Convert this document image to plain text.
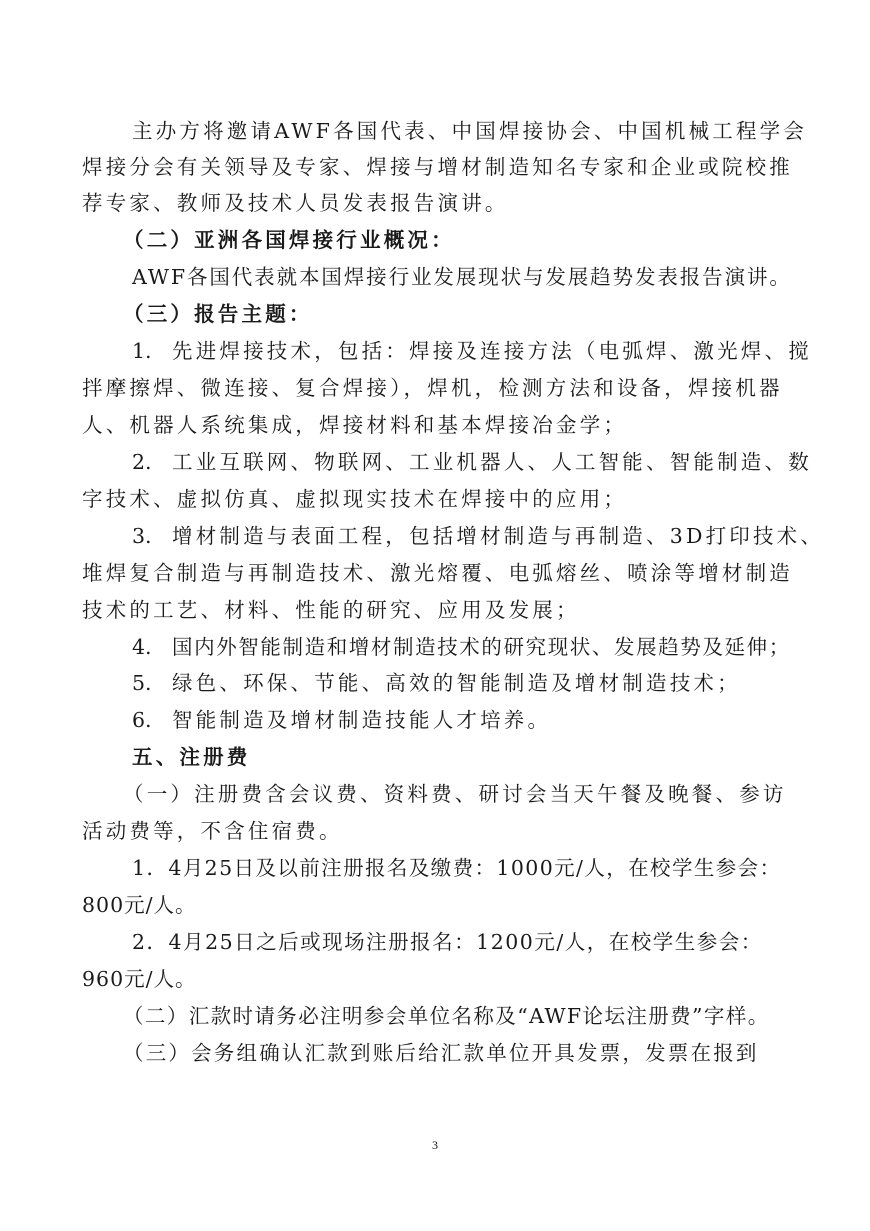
主办方将邀请AWF各国代表、中国焊接协会、中国机械工程学会
焊接分会有关领导及专家、焊接与增材制造知名专家和企业或院校推
荐专家、教师及技术人员发表报告演讲。
（二）亚洲各国焊接行业概况：
AWF各国代表就本国焊接行业发展现状与发展趋势发表报告演讲。
（三）报告主题：
1. 先进焊接技术，包括：焊接及连接方法（电弧焊、激光焊、搅
拌摩擦焊、微连接、复合焊接），焊机，检测方法和设备，焊接机器
人、机器人系统集成，焊接材料和基本焊接冶金学；
2. 工业互联网、物联网、工业机器人、人工智能、智能制造、数
字技术、虚拟仿真、虚拟现实技术在焊接中的应用；
3. 增材制造与表面工程，包括增材制造与再制造、3D打印技术、
堆焊复合制造与再制造技术、激光熔覆、电弧熔丝、喷涂等增材制造
技术的工艺、材料、性能的研究、应用及发展；
4. 国内外智能制造和增材制造技术的研究现状、发展趋势及延伸；
5. 绿色、环保、节能、高效的智能制造及增材制造技术；
6. 智能制造及增材制造技能人才培养。
五、注册费
（一）注册费含会议费、资料费、研讨会当天午餐及晚餐、参访
活动费等，不含住宿费。
1．4月25日及以前注册报名及缴费：1000元/人，在校学生参会：
800元/人。
2．4月25日之后或现场注册报名：1200元/人，在校学生参会：
960元/人。
（二）汇款时请务必注明参会单位名称及“AWF论坛注册费”字样。
（三）会务组确认汇款到账后给汇款单位开具发票，发票在报到
3
